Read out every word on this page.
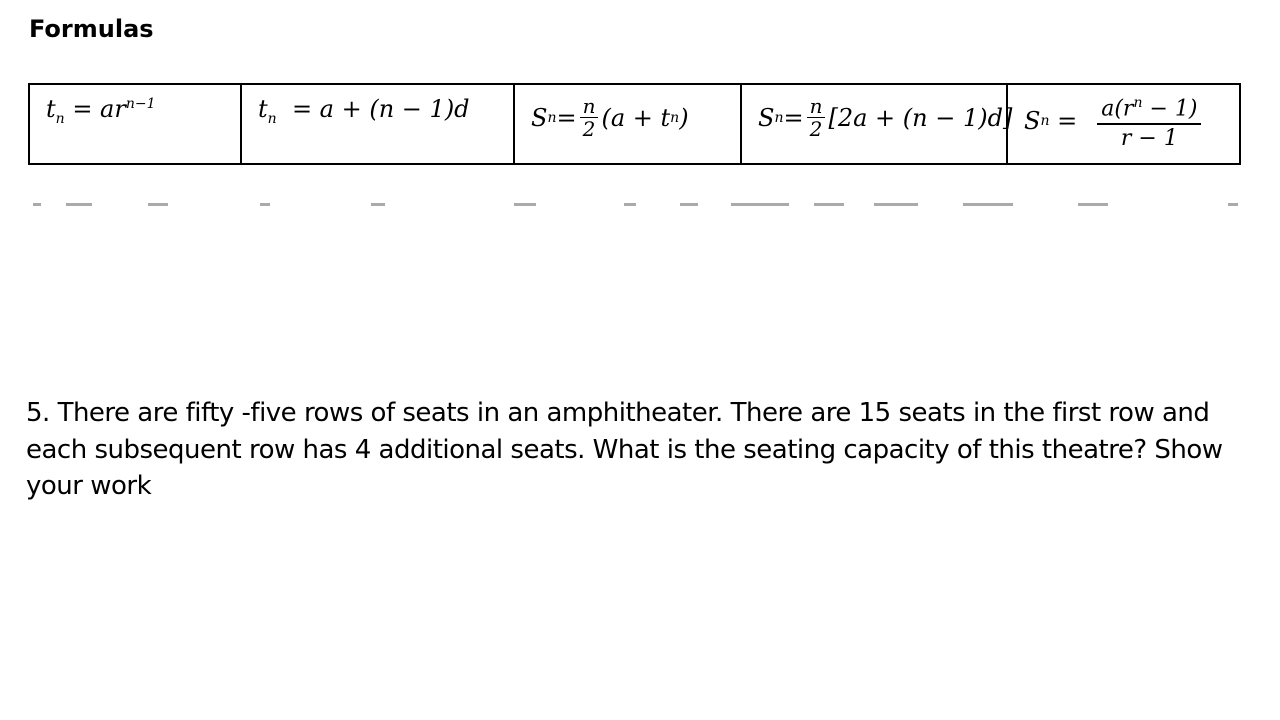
Formulas
$t_n = ar^{n-1}$	$t_n = a + (n - 1)d$	S $n = \frac{n}{2} (a + t$ n )	S $n = \frac{n}{2} [2a + (n - 1)d]$	S $n = \frac{a(r^n - 1)}{r - 1}$
5. There are fifty -five rows of seats in an amphitheater. There are 15 seats in the first row and each subsequent row has 4 additional seats. What is the seating capacity of this theatre? Show your work
